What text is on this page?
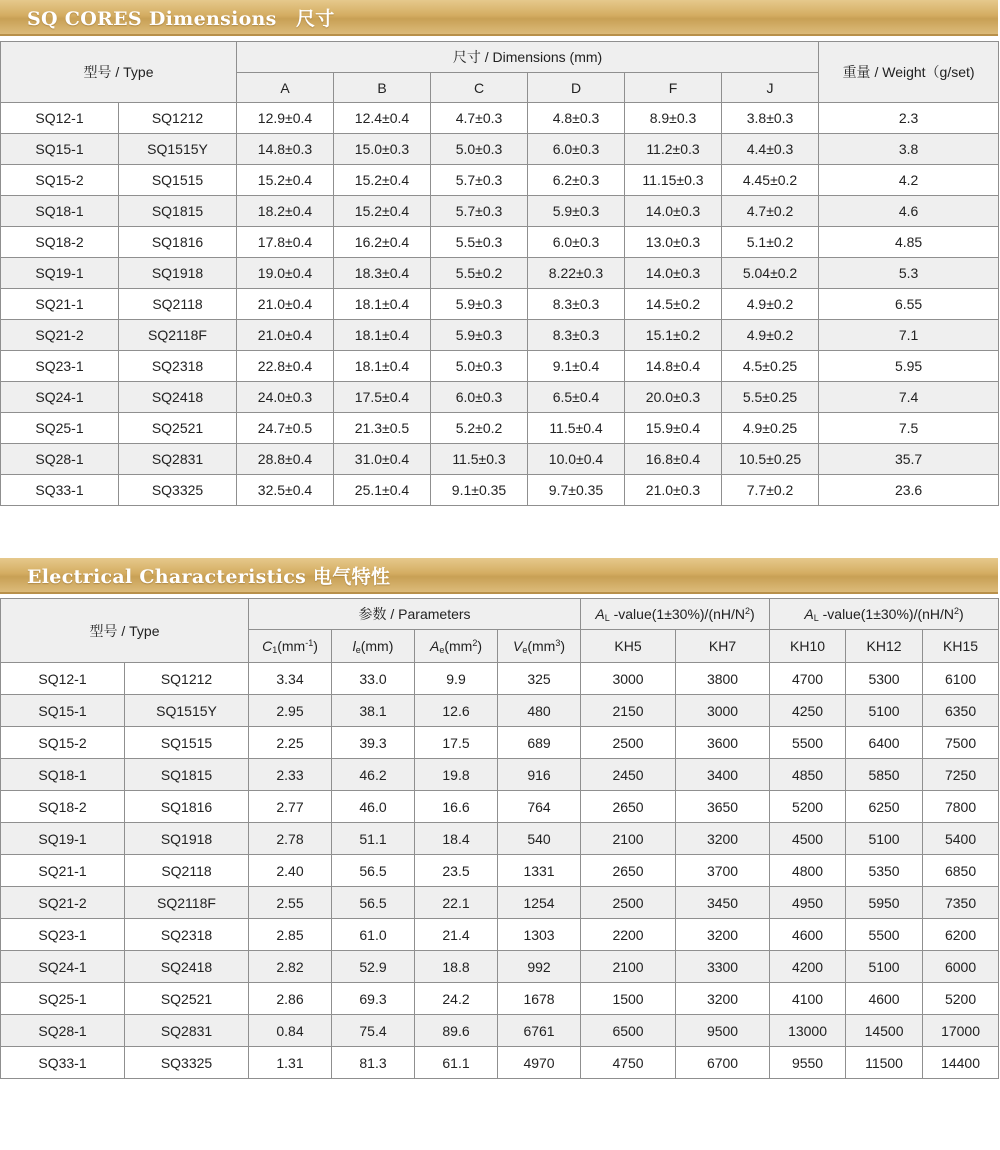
SQ CORES Dimensions　尺寸
型号 / Type		尺寸 / Dimensions (mm)						重量 / Weight（g/set)
		A	B	C	D	F	J	
SQ12-1	SQ1212	12.9±0.4	12.4±0.4	4.7±0.3	4.8±0.3	8.9±0.3	3.8±0.3	2.3
SQ15-1	SQ1515Y	14.8±0.3	15.0±0.3	5.0±0.3	6.0±0.3	11.2±0.3	4.4±0.3	3.8
SQ15-2	SQ1515	15.2±0.4	15.2±0.4	5.7±0.3	6.2±0.3	11.15±0.3	4.45±0.2	4.2
SQ18-1	SQ1815	18.2±0.4	15.2±0.4	5.7±0.3	5.9±0.3	14.0±0.3	4.7±0.2	4.6
SQ18-2	SQ1816	17.8±0.4	16.2±0.4	5.5±0.3	6.0±0.3	13.0±0.3	5.1±0.2	4.85
SQ19-1	SQ1918	19.0±0.4	18.3±0.4	5.5±0.2	8.22±0.3	14.0±0.3	5.04±0.2	5.3
SQ21-1	SQ2118	21.0±0.4	18.1±0.4	5.9±0.3	8.3±0.3	14.5±0.2	4.9±0.2	6.55
SQ21-2	SQ2118F	21.0±0.4	18.1±0.4	5.9±0.3	8.3±0.3	15.1±0.2	4.9±0.2	7.1
SQ23-1	SQ2318	22.8±0.4	18.1±0.4	5.0±0.3	9.1±0.4	14.8±0.4	4.5±0.25	5.95
SQ24-1	SQ2418	24.0±0.3	17.5±0.4	6.0±0.3	6.5±0.4	20.0±0.3	5.5±0.25	7.4
SQ25-1	SQ2521	24.7±0.5	21.3±0.5	5.2±0.2	11.5±0.4	15.9±0.4	4.9±0.25	7.5
SQ28-1	SQ2831	28.8±0.4	31.0±0.4	11.5±0.3	10.0±0.4	16.8±0.4	10.5±0.25	35.7
SQ33-1	SQ3325	32.5±0.4	25.1±0.4	9.1±0.35	9.7±0.35	21.0±0.3	7.7±0.2	23.6
Electrical Characteristics 电气特性
型号 / Type		参数 / Parameters				$A_L$ $-value(1\pm 30\%)/(nH/N^2)$		$A_L$ $-value(1\pm 30\%)/(nH/N^2)$		
		$C_1(mm^{-1})$	$l_e(mm)$	$A_e(mm^2)$	$V_e(mm^3)$	KH5	KH7	KH10	KH12	KH15
SQ12-1	SQ1212	3.34	33.0	9.9	325	3000	3800	4700	5300	6100
SQ15-1	SQ1515Y	2.95	38.1	12.6	480	2150	3000	4250	5100	6350
SQ15-2	SQ1515	2.25	39.3	17.5	689	2500	3600	5500	6400	7500
SQ18-1	SQ1815	2.33	46.2	19.8	916	2450	3400	4850	5850	7250
SQ18-2	SQ1816	2.77	46.0	16.6	764	2650	3650	5200	6250	7800
SQ19-1	SQ1918	2.78	51.1	18.4	540	2100	3200	4500	5100	5400
SQ21-1	SQ2118	2.40	56.5	23.5	1331	2650	3700	4800	5350	6850
SQ21-2	SQ2118F	2.55	56.5	22.1	1254	2500	3450	4950	5950	7350
SQ23-1	SQ2318	2.85	61.0	21.4	1303	2200	3200	4600	5500	6200
SQ24-1	SQ2418	2.82	52.9	18.8	992	2100	3300	4200	5100	6000
SQ25-1	SQ2521	2.86	69.3	24.2	1678	1500	3200	4100	4600	5200
SQ28-1	SQ2831	0.84	75.4	89.6	6761	6500	9500	13000	14500	17000
SQ33-1	SQ3325	1.31	81.3	61.1	4970	4750	6700	9550	11500	14400
